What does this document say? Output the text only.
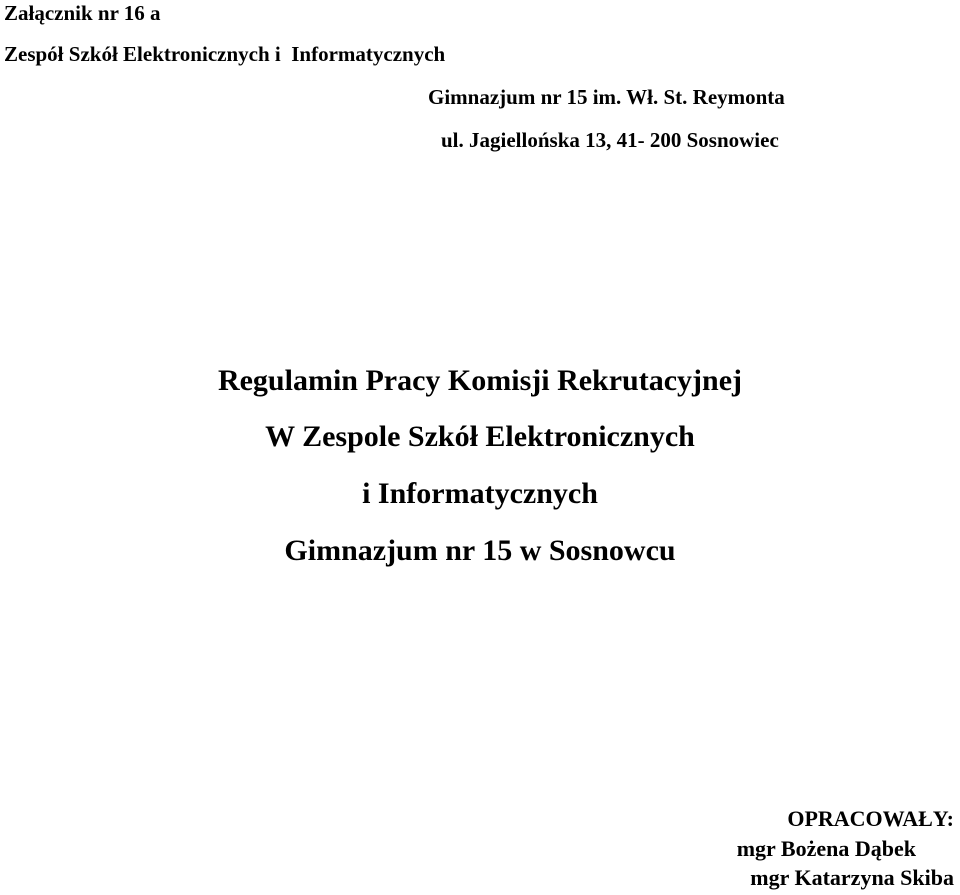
Załącznik nr 16 a
Zespół Szkół Elektronicznych i  Informatycznych
Gimnazjum nr 15 im. Wł. St. Reymonta
ul. Jagiellońska 13, 41- 200 Sosnowiec
Regulamin Pracy Komisji Rekrutacyjnej
W Zespole Szkół Elektronicznych
i Informatycznych
Gimnazjum nr 15 w Sosnowcu
OPRACOWAŁY:
mgr Bożena Dąbek
mgr Katarzyna Skiba
